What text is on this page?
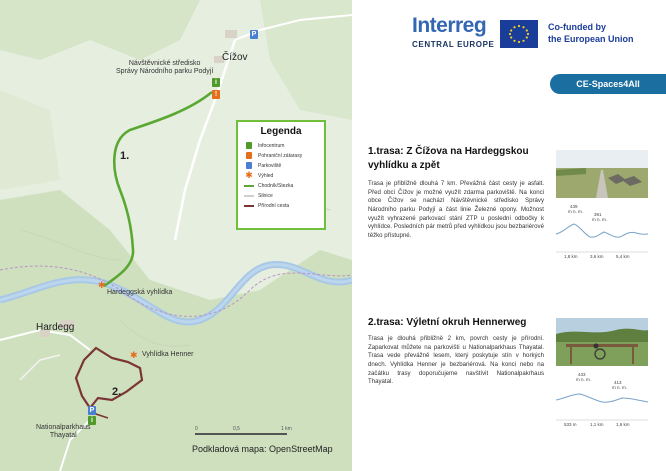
P
i
!
P
i
✱
✱
Čížov
Návštěvnické středisko
Správy Národního parku Podyjí
Hardeggská vyhlídka
Hardegg
Vyhlídka Henner
Nationalparkhaus
Thayatal
1.
2.
Legenda
Infocentrum
Pohraniční zátarasy
Parkoviště
✱ Výhled
Chodník/Stezka
Silnice
Přírodní cesta
0	0,5	1 km
Podkladová mapa: OpenStreetMap
Interreg
CENTRAL EUROPE
Co-funded by
the European Union
CE-Spaces4All
1.trasa: Z Čížova na Hardeggskou
vyhlídku a zpět
Trasa je přibližně dlouhá 7 km. Převážná část cesty je asfalt. Před obcí Čížov je možné využít zdarma parkoviště. Na konci obce Čížov se nachází Návštěvnické středisko Správy Národního parku Podyjí a část linie Železné opony. Možnost využít vyhrazené parkovací stání ZTP u poslední odbočky k vyhlídce. Posledních pár metrů před vyhlídkou jsou bezbariérové těžko přístupné.
439
m n. m.
391
m n. m.
1,8 km	3,6 km	5,4 km
2.trasa: Výletní okruh Hennerweg
Trasa je dlouhá přibližně 2 km, povrch cesty je přírodní. Zaparkovat můžete na parkovišti u Nationalparkhaus Thayatal. Trasa vede převážně lesem, který poskytuje stín v horkých dnech. Vyhlídka Henner je bezbariérová. Na konci nebo na začátku trasy doporučujeme navštívit Nationalpakrhaus Thayatal.
433
m n. m.
413
m n. m.
533 m	1,1 km	1,6 km
